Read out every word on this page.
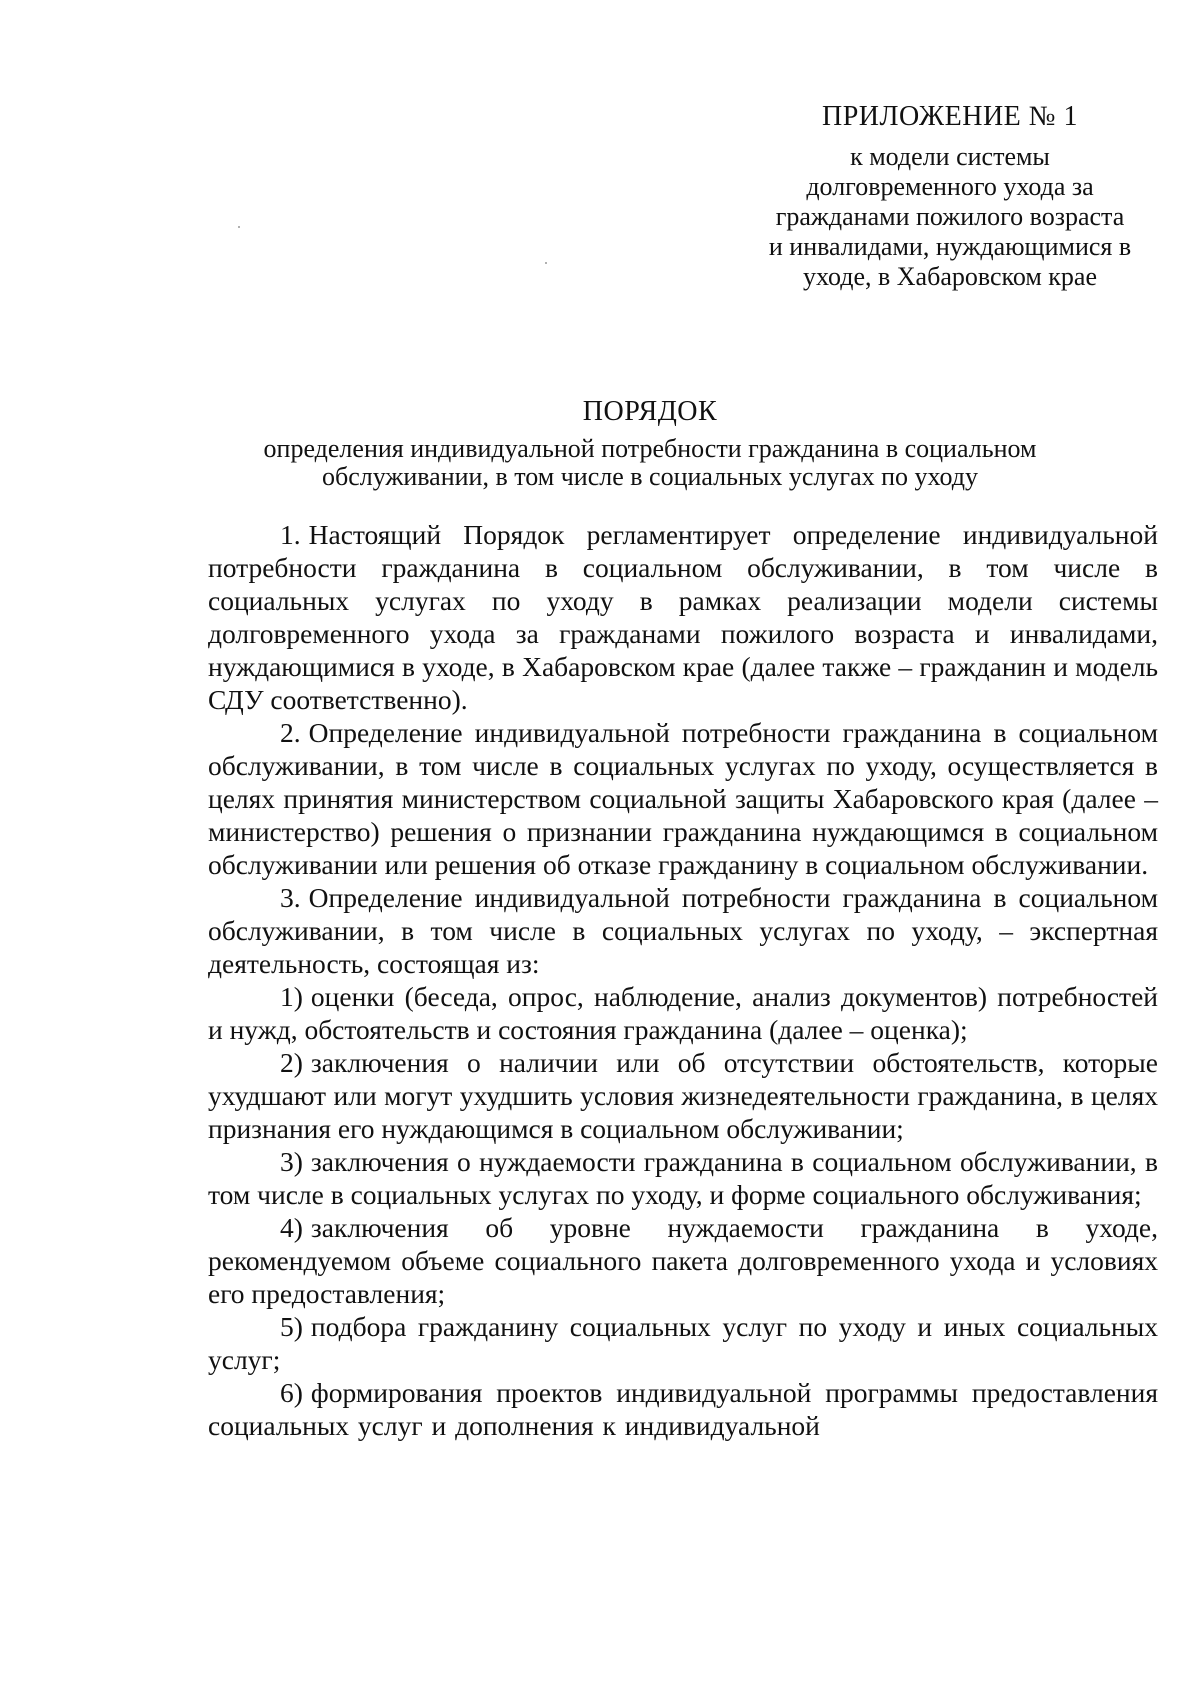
ПРИЛОЖЕНИЕ № 1
к модели системы
долговременного ухода за
гражданами пожилого возраста
и инвалидами, нуждающимися в
уходе, в Хабаровском крае
ПОРЯДОК
определения индивидуальной потребности гражданина в социальном
обслуживании, в том числе в социальных услугах по уходу

1. Настоящий Порядок регламентирует определение индивидуальной потребности гражданина в социальном обслуживании, в том числе в социальных услугах по уходу в рамках реализации модели системы долговременного ухода за гражданами пожилого возраста и инвалидами, нуждающимися в уходе, в Хабаровском крае (далее также – гражданин и модель СДУ соответственно).

2. Определение индивидуальной потребности гражданина в социальном обслуживании, в том числе в социальных услугах по уходу, осуществляется в целях принятия министерством социальной защиты Хабаровского края (далее – министерство) решения о признании гражданина нуждающимся в социальном обслуживании или решения об отказе гражданину в социальном обслуживании.

3. Определение индивидуальной потребности гражданина в социальном обслуживании, в том числе в социальных услугах по уходу, – экспертная деятельность, состоящая из:

1) оценки (беседа, опрос, наблюдение, анализ документов) потребностей и нужд, обстоятельств и состояния гражданина (далее – оценка);

2) заключения о наличии или об отсутствии обстоятельств, которые ухудшают или могут ухудшить условия жизнедеятельности гражданина, в целях признания его нуждающимся в социальном обслуживании;

3) заключения о нуждаемости гражданина в социальном обслуживании, в том числе в социальных услугах по уходу, и форме социального обслуживания;

4) заключения об уровне нуждаемости гражданина в уходе, рекомендуемом объеме социального пакета долговременного ухода и условиях его предоставления;

5) подбора гражданину социальных услуг по уходу и иных социальных услуг;

6) формирования проектов индивидуальной программы предоставления социальных услуг и дополнения к индивидуальной
